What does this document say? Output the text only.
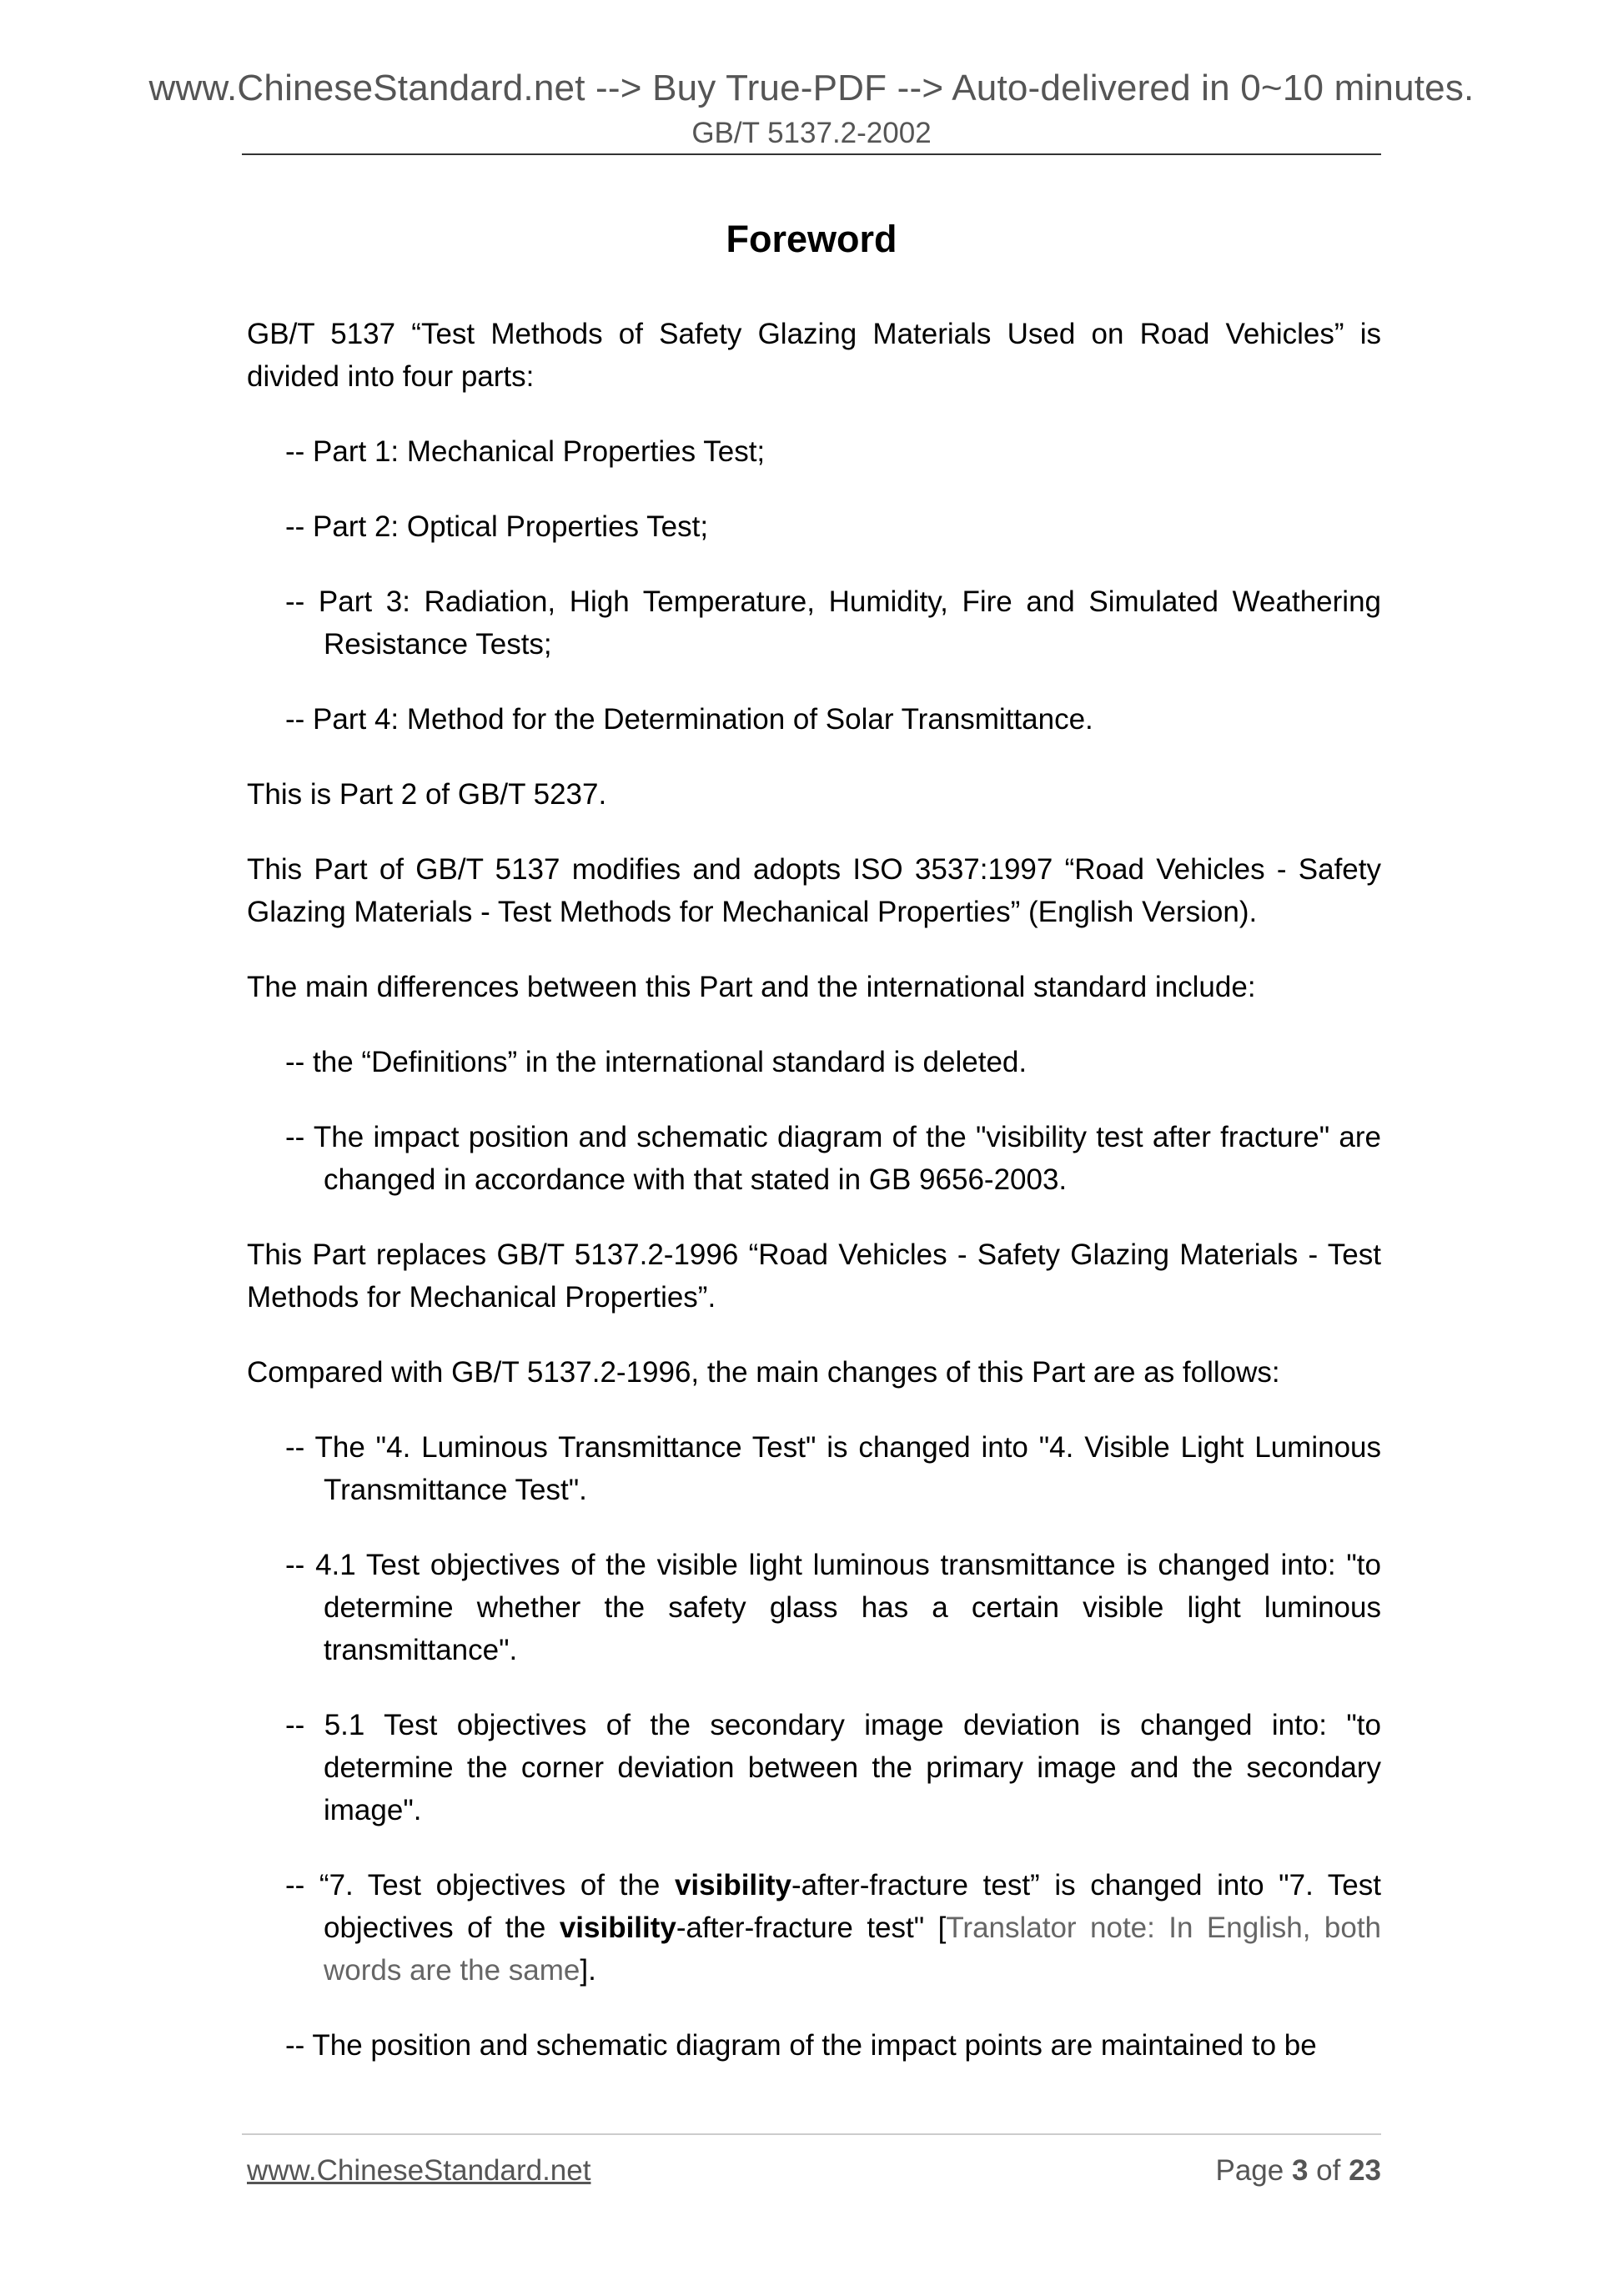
www.ChineseStandard.net --> Buy True-PDF --> Auto-delivered in 0~10 minutes.
GB/T 5137.2-2002
Foreword

GB/T 5137 “Test Methods of Safety Glazing Materials Used on Road Vehicles” is divided into four parts:

-- Part 1: Mechanical Properties Test;

-- Part 2: Optical Properties Test;

-- Part 3: Radiation, High Temperature, Humidity, Fire and Simulated Weathering Resistance Tests;

-- Part 4: Method for the Determination of Solar Transmittance.

This is Part 2 of GB/T 5237.

This Part of GB/T 5137 modifies and adopts ISO 3537:1997 “Road Vehicles - Safety Glazing Materials - Test Methods for Mechanical Properties” (English Version).

The main differences between this Part and the international standard include:

-- the “Definitions” in the international standard is deleted.

-- The impact position and schematic diagram of the "visibility test after fracture" are changed in accordance with that stated in GB 9656-2003.

This Part replaces GB/T 5137.2-1996 “Road Vehicles - Safety Glazing Materials - Test Methods for Mechanical Properties”.

Compared with GB/T 5137.2-1996, the main changes of this Part are as follows:

-- The "4. Luminous Transmittance Test" is changed into "4. Visible Light Luminous Transmittance Test".

-- 4.1 Test objectives of the visible light luminous transmittance is changed into: "to determine whether the safety glass has a certain visible light luminous transmittance".

-- 5.1 Test objectives of the secondary image deviation is changed into: "to determine the corner deviation between the primary image and the secondary image".

-- “7. Test objectives of the visibility-after-fracture test” is changed into "7. Test objectives of the visibility-after-fracture test" [Translator note: In English, both words are the same].

-- The position and schematic diagram of the impact points are maintained to be

www.ChineseStandard.net	Page 3 of 23
